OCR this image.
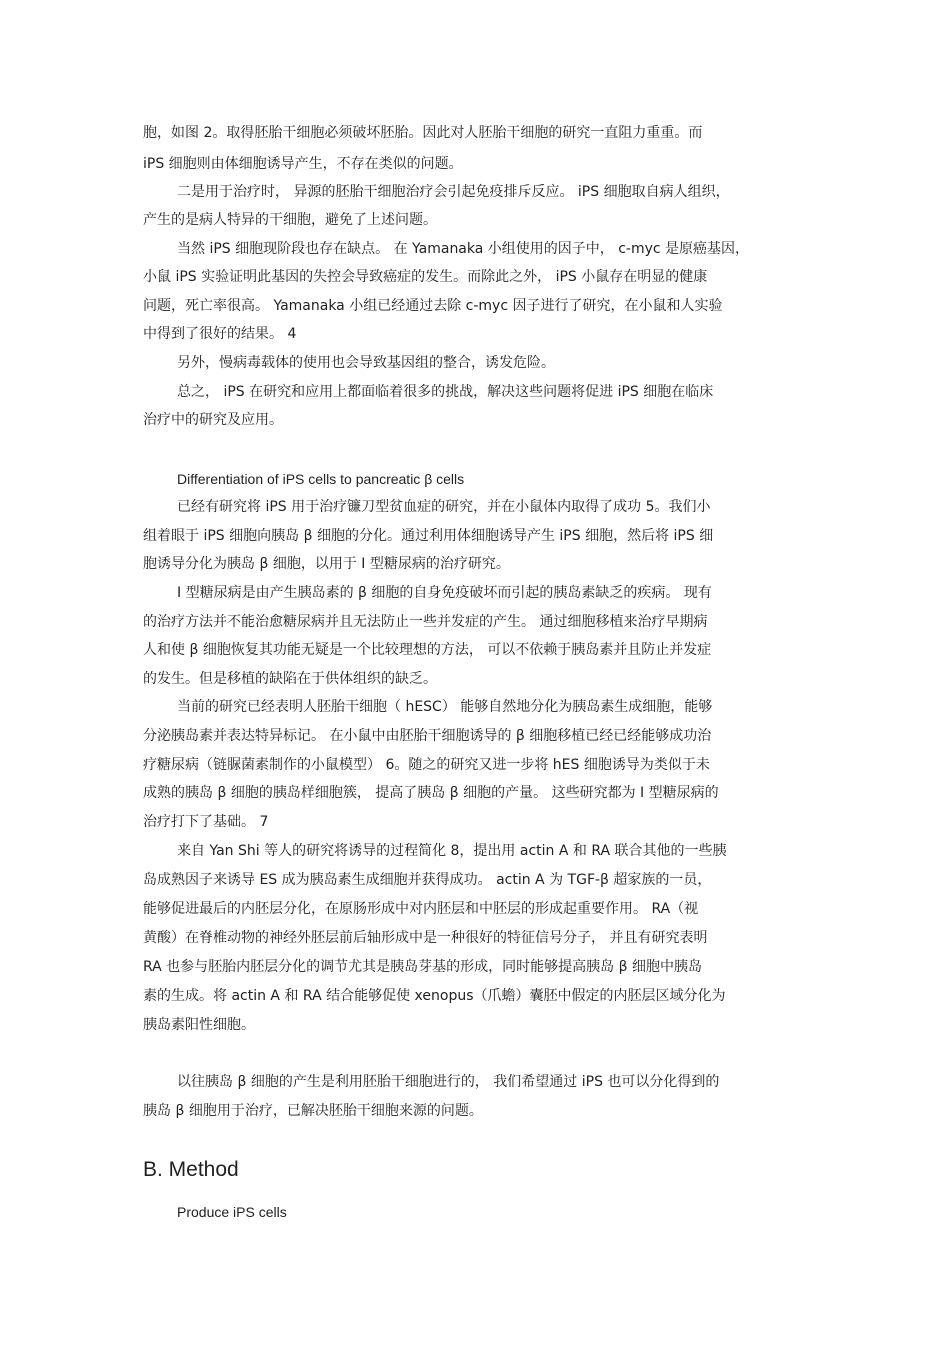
胞，如图 2。取得胚胎干细胞必须破坏胚胎。因此对人胚胎干细胞的研究一直阻力重重。而
iPS 细胞则由体细胞诱导产生，不存在类似的问题。
二是用于治疗时， 异源的胚胎干细胞治疗会引起免疫排斥反应。 iPS 细胞取自病人组织，
产生的是病人特异的干细胞，避免了上述问题。
当然 iPS 细胞现阶段也存在缺点。 在 Yamanaka 小组使用的因子中， c-myc 是原癌基因，
小鼠 iPS 实验证明此基因的失控会导致癌症的发生。而除此之外， iPS 小鼠存在明显的健康
问题，死亡率很高。 Yamanaka 小组已经通过去除 c-myc 因子进行了研究，在小鼠和人实验
中得到了很好的结果。 4
另外，慢病毒载体的使用也会导致基因组的整合，诱发危险。
总之， iPS 在研究和应用上都面临着很多的挑战，解决这些问题将促进 iPS 细胞在临床
治疗中的研究及应用。
Differentiation of iPS cells to pancreatic β cells
已经有研究将 iPS 用于治疗镰刀型贫血症的研究，并在小鼠体内取得了成功 5。我们小
组着眼于 iPS 细胞向胰岛 β 细胞的分化。通过利用体细胞诱导产生 iPS 细胞，然后将 iPS 细
胞诱导分化为胰岛 β 细胞，以用于 I 型糖尿病的治疗研究。
I 型糖尿病是由产生胰岛素的 β 细胞的自身免疫破坏而引起的胰岛素缺乏的疾病。 现有
的治疗方法并不能治愈糖尿病并且无法防止一些并发症的产生。 通过细胞移植来治疗早期病
人和使 β 细胞恢复其功能无疑是一个比较理想的方法， 可以不依赖于胰岛素并且防止并发症
的发生。但是移植的缺陷在于供体组织的缺乏。
当前的研究已经表明人胚胎干细胞（ hESC） 能够自然地分化为胰岛素生成细胞，能够
分泌胰岛素并表达特异标记。 在小鼠中由胚胎干细胞诱导的 β 细胞移植已经已经能够成功治
疗糖尿病（链脲菌素制作的小鼠模型） 6。随之的研究又进一步将 hES 细胞诱导为类似于未
成熟的胰岛 β 细胞的胰岛样细胞簇， 提高了胰岛 β 细胞的产量。 这些研究都为 I 型糖尿病的
治疗打下了基础。 7
来自 Yan Shi 等人的研究将诱导的过程简化 8，提出用 actin A 和 RA 联合其他的一些胰
岛成熟因子来诱导 ES 成为胰岛素生成细胞并获得成功。 actin A 为 TGF-β 超家族的一员，
能够促进最后的内胚层分化，在原肠形成中对内胚层和中胚层的形成起重要作用。 RA（视
黄酸）在脊椎动物的神经外胚层前后轴形成中是一种很好的特征信号分子， 并且有研究表明
RA 也参与胚胎内胚层分化的调节尤其是胰岛芽基的形成，同时能够提高胰岛 β 细胞中胰岛
素的生成。将 actin A 和 RA 结合能够促使 xenopus（爪蟾）囊胚中假定的内胚层区域分化为
胰岛素阳性细胞。
以往胰岛 β 细胞的产生是利用胚胎干细胞进行的， 我们希望通过 iPS 也可以分化得到的
胰岛 β 细胞用于治疗，已解决胚胎干细胞来源的问题。
B. Method
Produce iPS cells
